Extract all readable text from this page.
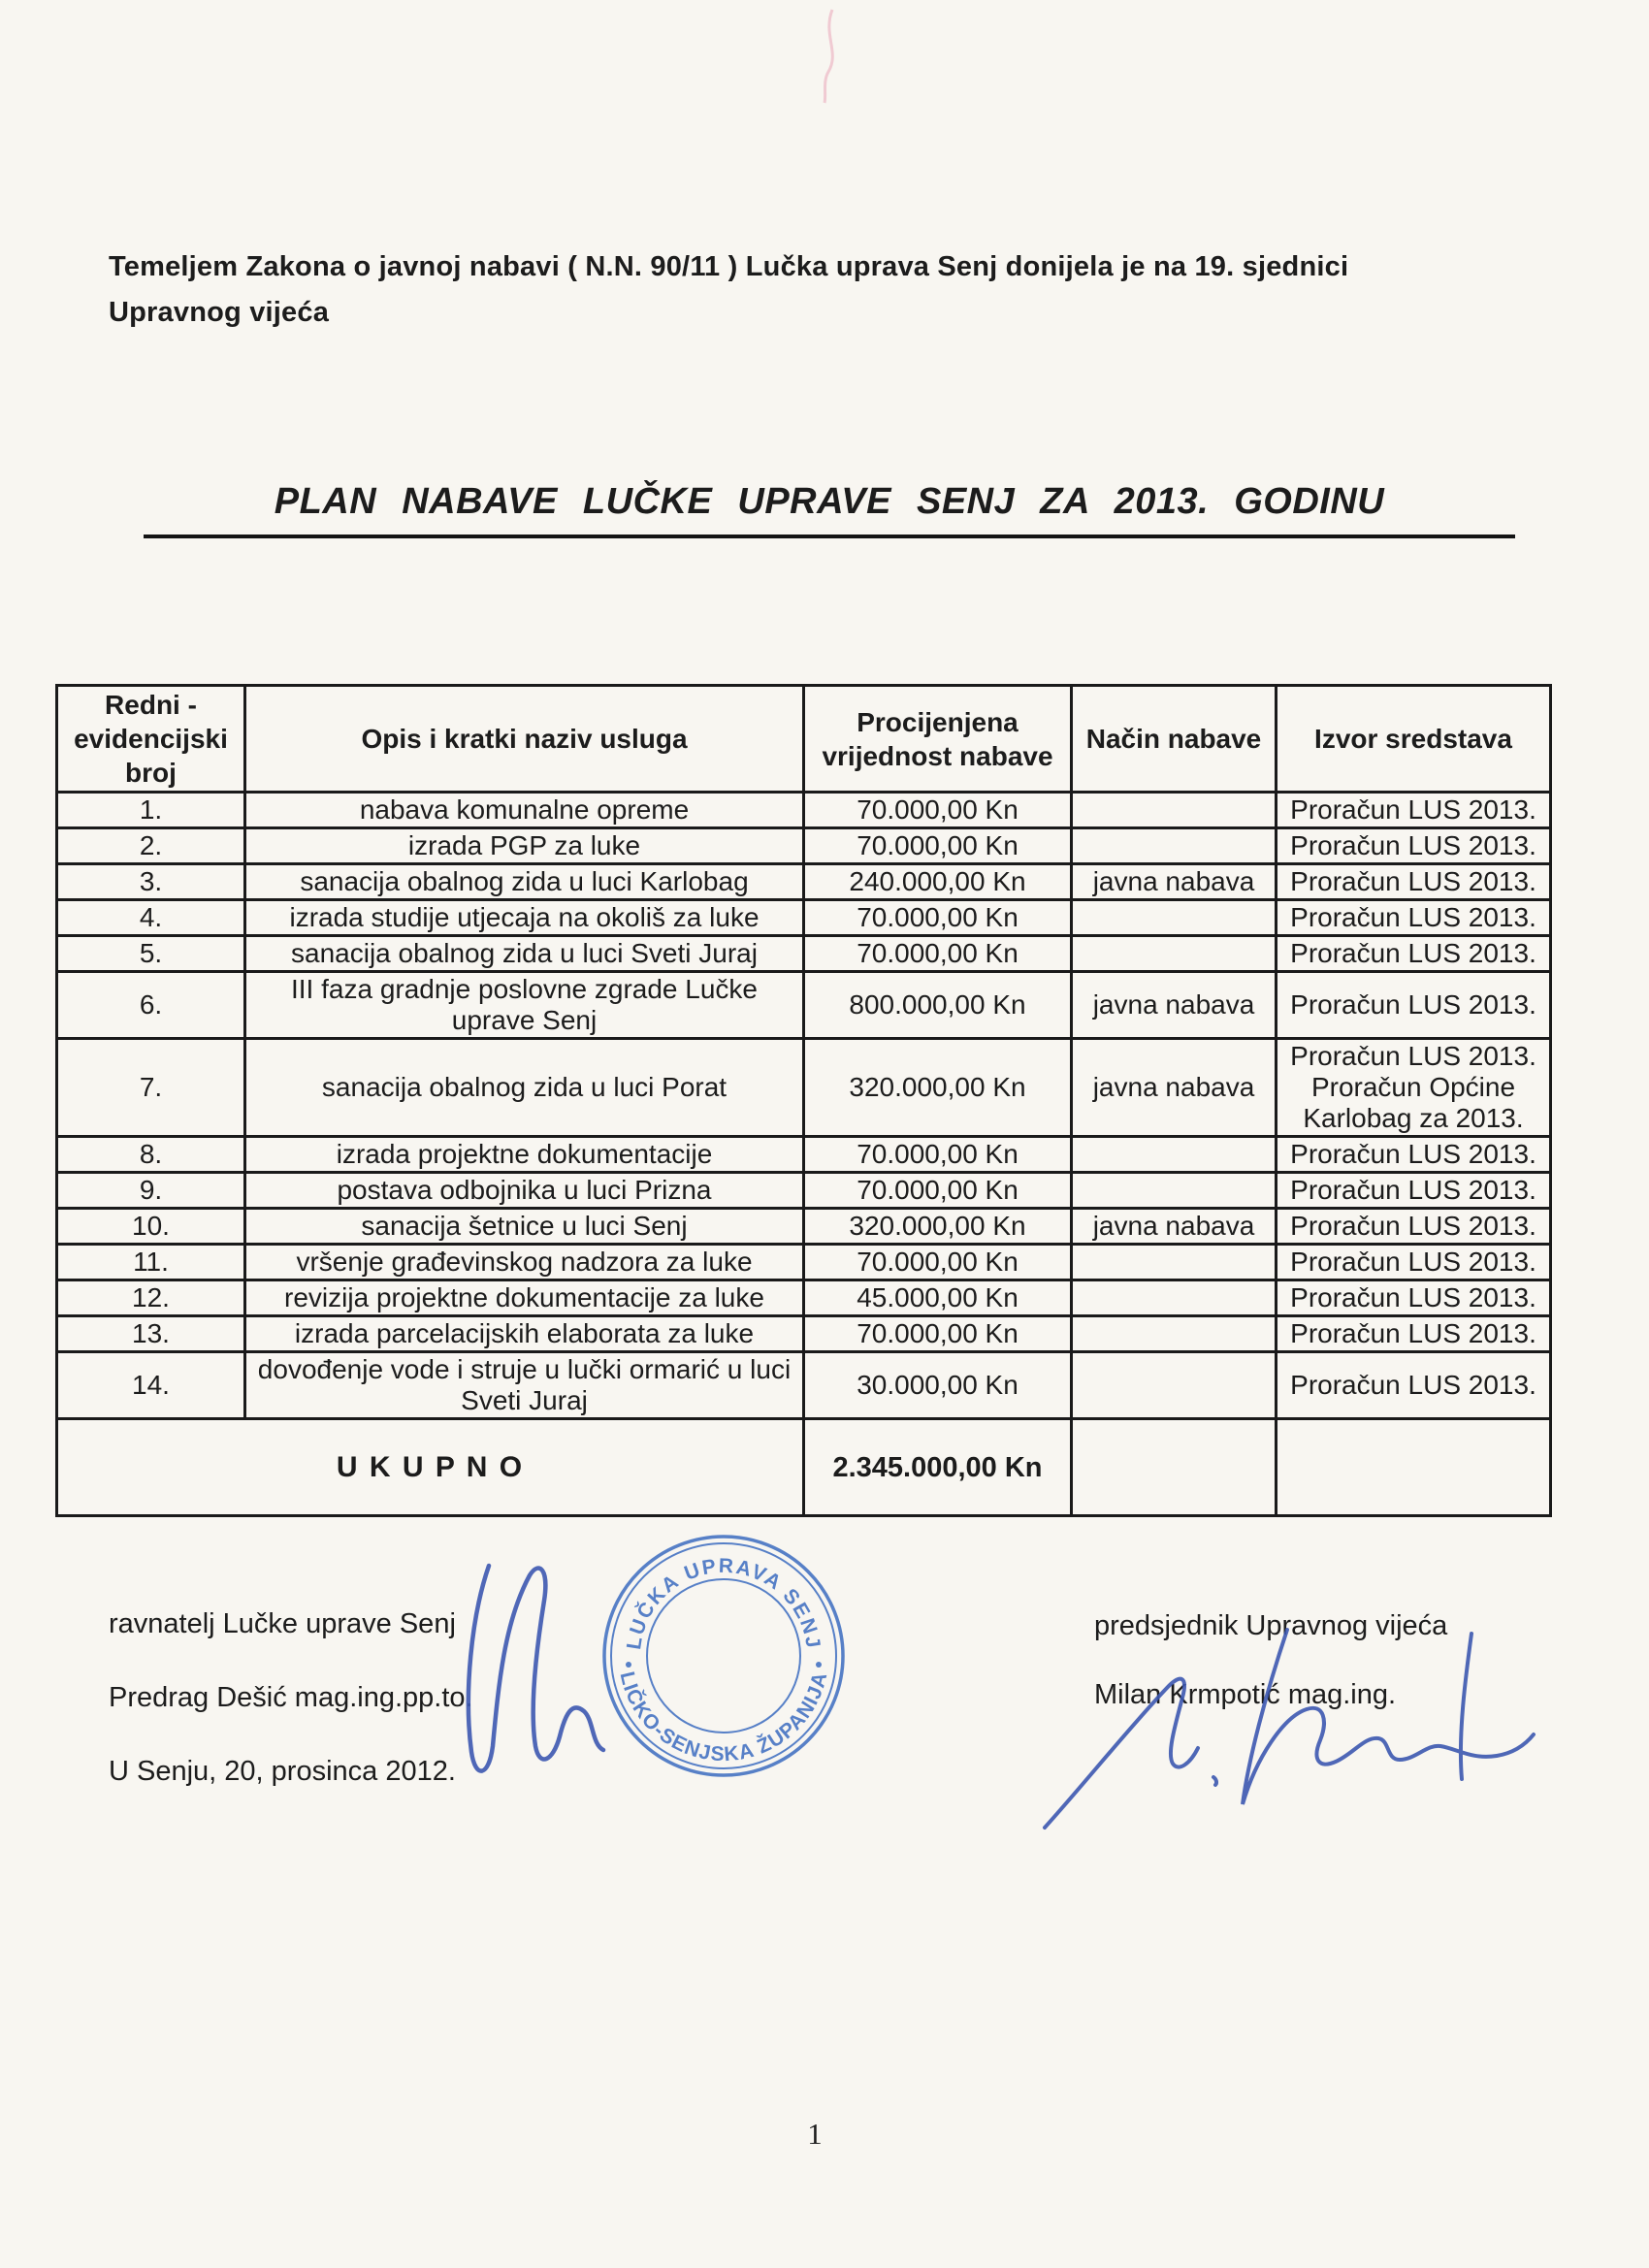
Temeljem Zakona o javnoj nabavi ( N.N. 90/11 ) Lučka uprava Senj donijela je na 19. sjednici Upravnog vijeća

PLAN NABAVE LUČKE UPRAVE SENJ ZA 2013. GODINU
Redni - evidencijski broj	Opis i kratki naziv usluga	Procijenjena vrijednost nabave	Način nabave	Izvor sredstava
1.	nabava komunalne opreme	70.000,00 Kn		Proračun LUS 2013.
2.	izrada PGP za luke	70.000,00 Kn		Proračun LUS 2013.
3.	sanacija obalnog zida u luci Karlobag	240.000,00 Kn	javna nabava	Proračun LUS 2013.
4.	izrada studije utjecaja na okoliš za luke	70.000,00 Kn		Proračun LUS 2013.
5.	sanacija obalnog zida u luci Sveti Juraj	70.000,00 Kn		Proračun LUS 2013.
6.	III faza gradnje poslovne zgrade Lučke uprave Senj	800.000,00 Kn	javna nabava	Proračun LUS 2013.
7.	sanacija obalnog zida u luci Porat	320.000,00 Kn	javna nabava	Proračun LUS 2013. Proračun Općine Karlobag za 2013.
8.	izrada projektne dokumentacije	70.000,00 Kn		Proračun LUS 2013.
9.	postava odbojnika u luci Prizna	70.000,00 Kn		Proračun LUS 2013.
10.	sanacija šetnice u luci Senj	320.000,00 Kn	javna nabava	Proračun LUS 2013.
11.	vršenje građevinskog nadzora za luke	70.000,00 Kn		Proračun LUS 2013.
12.	revizija projektne dokumentacije za luke	45.000,00 Kn		Proračun LUS 2013.
13.	izrada parcelacijskih elaborata za luke	70.000,00 Kn		Proračun LUS 2013.
14.	dovođenje vode i struje u lučki ormarić u luci Sveti Juraj	30.000,00 Kn		Proračun LUS 2013.
U K U P N O		2.345.000,00 Kn		
ravnatelj Lučke uprave Senj
Predrag Dešić mag.ing.pp.to.
U Senju, 20, prosinca 2012.
LUČKA UPRAVA SENJ
LIČKO-SENJSKA ŽUPANIJA
predsjednik Upravnog vijeća
Milan Krmpotić mag.ing.
1
